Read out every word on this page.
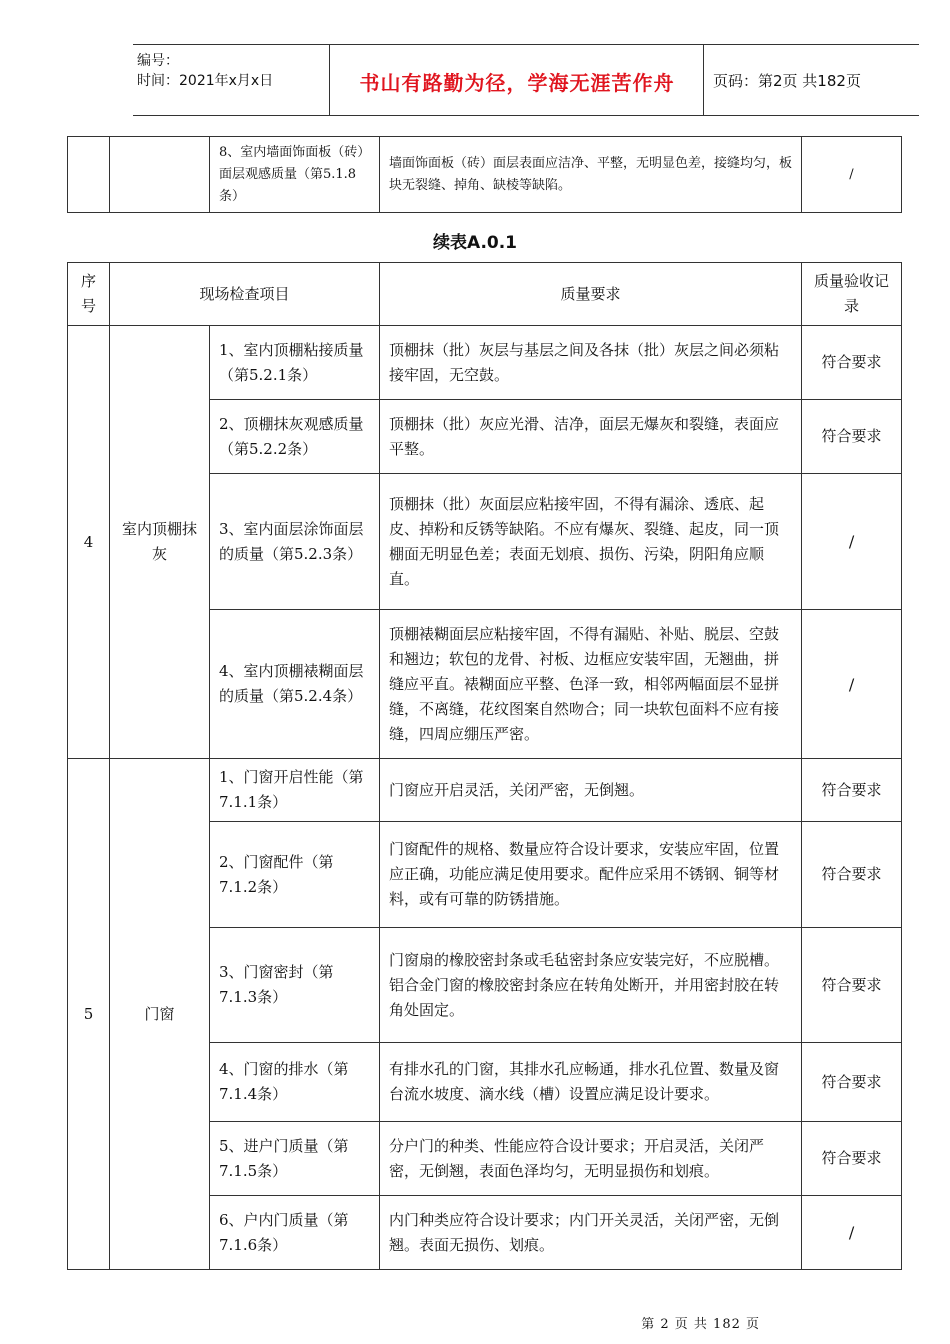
编号：
时间：2021年x月x日	书山有路勤为径，学海无涯苦作舟	页码：第2页 共182页
		8、室内墙面饰面板（砖）面层观感质量（第5.1.8条）	墙面饰面板（砖）面层表面应洁净、平整，无明显色差，接缝均匀，板块无裂缝、掉角、缺棱等缺陷。	/
续表A.0.1
序号	现场检查项目		质量要求	质量验收记录
4	室内顶棚抹灰	1、室内顶棚粘接质量（第5.2.1条）	顶棚抹（批）灰层与基层之间及各抹（批）灰层之间必须粘接牢固，无空鼓。	符合要求
		2、顶棚抹灰观感质量（第5.2.2条）	顶棚抹（批）灰应光滑、洁净，面层无爆灰和裂缝，表面应平整。	符合要求
		3、室内面层涂饰面层的质量（第5.2.3条）	顶棚抹（批）灰面层应粘接牢固，不得有漏涂、透底、起皮、掉粉和反锈等缺陷。不应有爆灰、裂缝、起皮，同一顶棚面无明显色差；表面无划痕、损伤、污染，阴阳角应顺直。	/
		4、室内顶棚裱糊面层的质量（第5.2.4条）	顶棚裱糊面层应粘接牢固，不得有漏贴、补贴、脱层、空鼓和翘边；软包的龙骨、衬板、边框应安装牢固，无翘曲，拼缝应平直。裱糊面应平整、色泽一致，相邻两幅面层不显拼缝，不离缝，花纹图案自然吻合；同一块软包面料不应有接缝，四周应绷压严密。	/
5	门窗	1、门窗开启性能（第7.1.1条）	门窗应开启灵活，关闭严密，无倒翘。	符合要求
		2、门窗配件（第7.1.2条）	门窗配件的规格、数量应符合设计要求，安装应牢固，位置应正确，功能应满足使用要求。配件应采用不锈钢、铜等材料，或有可靠的防锈措施。	符合要求
		3、门窗密封（第7.1.3条）	门窗扇的橡胶密封条或毛毡密封条应安装完好，不应脱槽。铝合金门窗的橡胶密封条应在转角处断开，并用密封胶在转角处固定。	符合要求
		4、门窗的排水（第7.1.4条）	有排水孔的门窗，其排水孔应畅通，排水孔位置、数量及窗台流水坡度、滴水线（槽）设置应满足设计要求。	符合要求
		5、进户门质量（第7.1.5条）	分户门的种类、性能应符合设计要求；开启灵活，关闭严密，无倒翘，表面色泽均匀，无明显损伤和划痕。	符合要求
		6、户内门质量（第7.1.6条）	内门种类应符合设计要求；内门开关灵活，关闭严密，无倒翘。表面无损伤、划痕。	/
第 2 页 共 182 页
